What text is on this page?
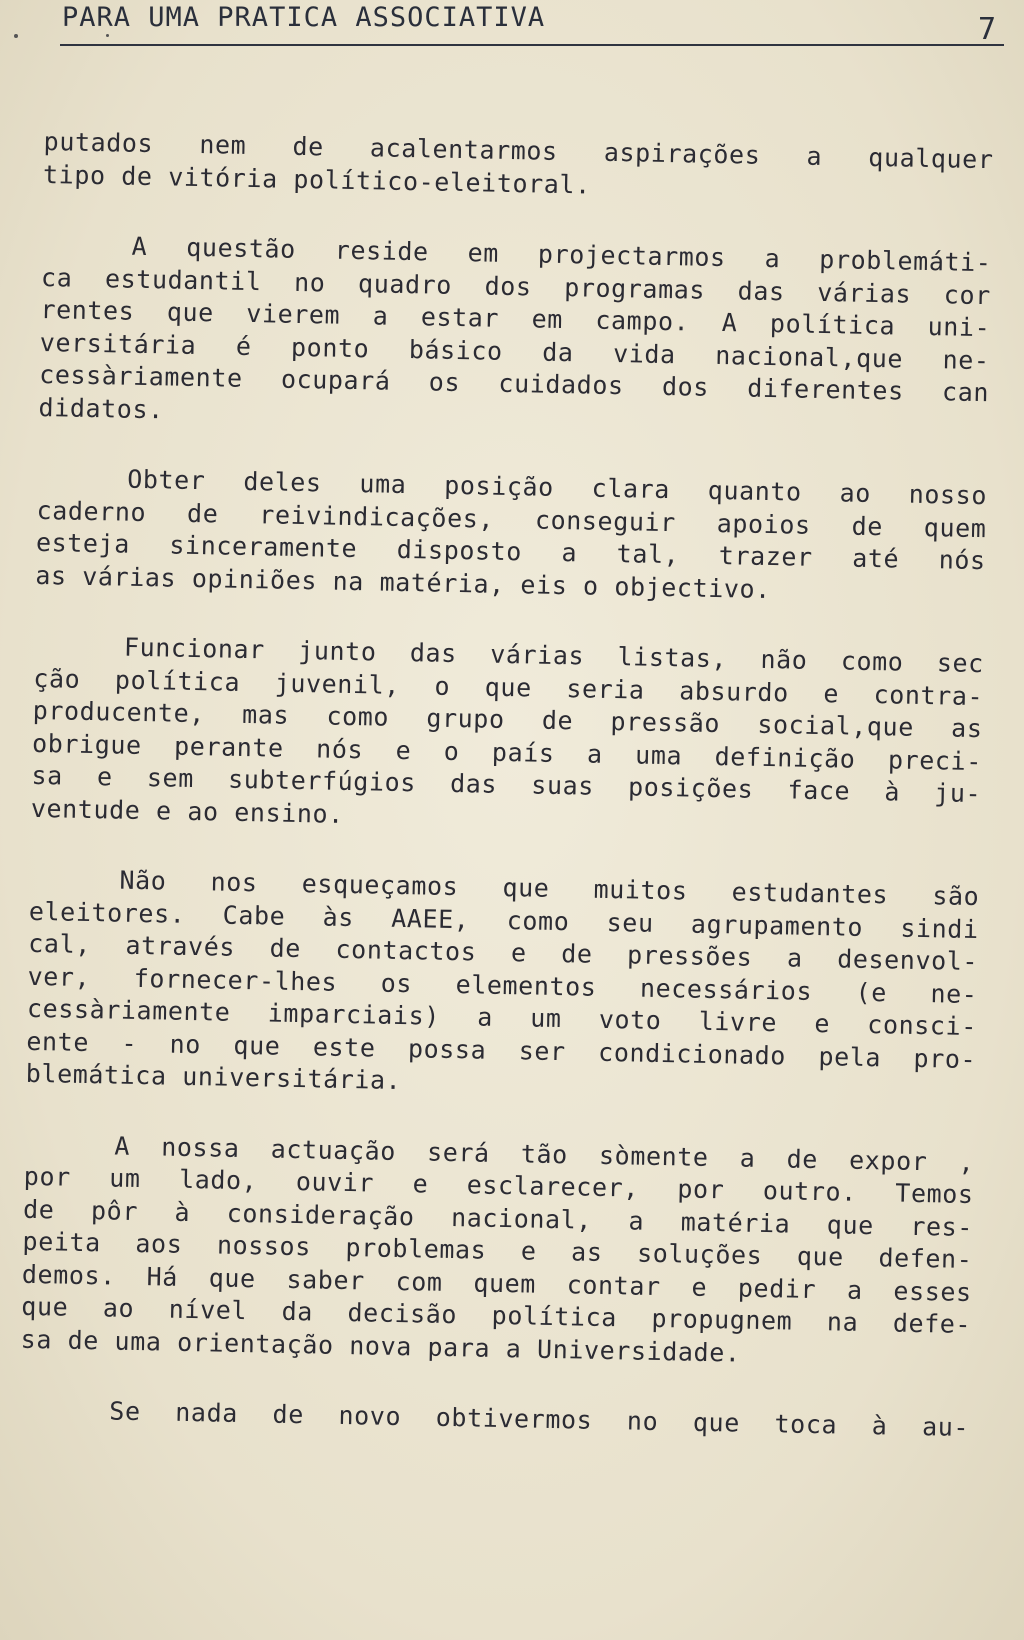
PARA UMA PRATICA ASSOCIATIVA	7
putados nem de acalentarmos aspirações a qualquer
tipo de vitória político-eleitoral.
A questão reside em projectarmos a problemáti-
ca estudantil no quadro dos programas das várias cor
rentes que vierem a estar em campo. A política uni-
versitária é ponto básico da vida nacional,que ne-
cessàriamente ocupará os cuidados dos diferentes can
didatos.
Obter deles uma posição clara quanto ao nosso
caderno de reivindicações, conseguir apoios de quem
esteja sinceramente disposto a tal, trazer até nós
as várias opiniões na matéria, eis o objectivo.
Funcionar junto das várias listas, não como sec
ção política juvenil, o que seria absurdo e contra-
producente, mas como grupo de pressão social,que as
obrigue perante nós e o país a uma definição preci-
sa e sem subterfúgios das suas posições face à ju-
ventude e ao ensino.
Não nos esqueçamos que muitos estudantes são
eleitores. Cabe às AAEE, como seu agrupamento sindi
cal, através de contactos e de pressões a desenvol-
ver, fornecer-lhes os elementos necessários (e ne-
cessàriamente imparciais) a um voto livre e consci-
ente - no que este possa ser condicionado pela pro-
blemática universitária.
A nossa actuação será tão sòmente a de expor ,
por um lado, ouvir e esclarecer, por outro. Temos
de pôr à consideração nacional, a matéria que res-
peita aos nossos problemas e as soluções que defen-
demos. Há que saber com quem contar e pedir a esses
que ao nível da decisão política propugnem na defe-
sa de uma orientação nova para a Universidade.
Se nada de novo obtivermos no que toca à au-
